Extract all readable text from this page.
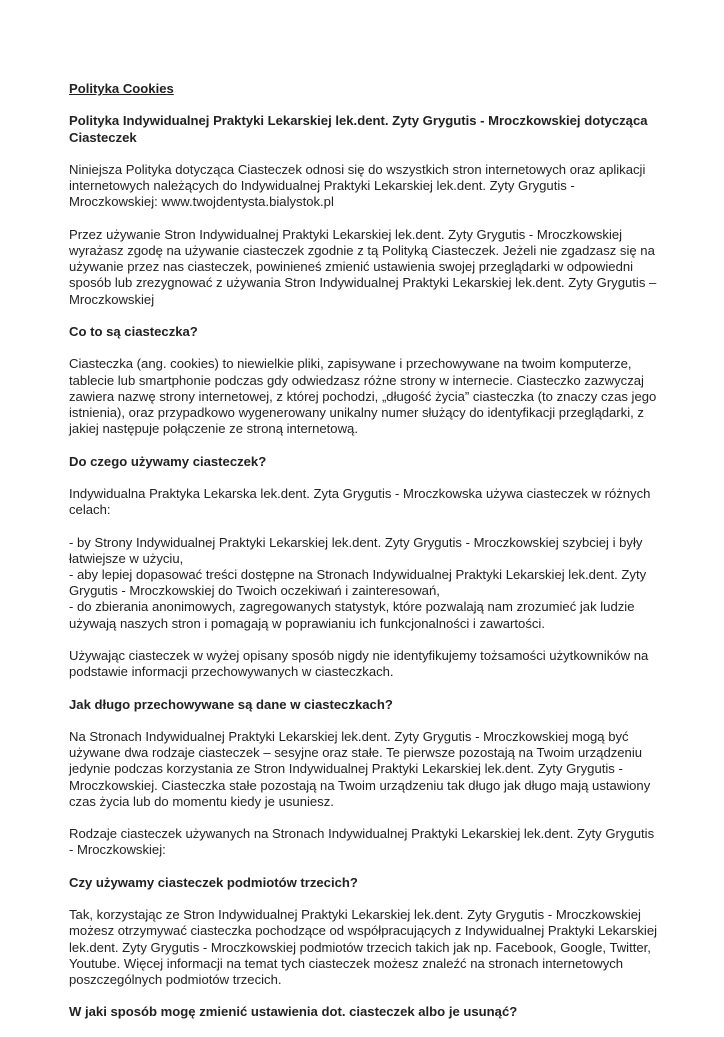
Polityka Cookies

Polityka Indywidualnej Praktyki Lekarskiej lek.dent. Zyty Grygutis - Mroczkowskiej dotycząca Ciasteczek

Niniejsza Polityka dotycząca Ciasteczek odnosi się do wszystkich stron internetowych oraz aplikacji internetowych należących do Indywidualnej Praktyki Lekarskiej lek.dent. Zyty Grygutis - Mroczkowskiej: www.twojdentysta.bialystok.pl

Przez używanie Stron Indywidualnej Praktyki Lekarskiej lek.dent. Zyty Grygutis - Mroczkowskiej wyrażasz zgodę na używanie ciasteczek zgodnie z tą Polityką Ciasteczek. Jeżeli nie zgadzasz się na używanie przez nas ciasteczek, powinieneś zmienić ustawienia swojej przeglądarki w odpowiedni sposób lub zrezygnować z używania Stron Indywidualnej Praktyki Lekarskiej lek.dent. Zyty Grygutis – Mroczkowskiej

Co to są ciasteczka?

Ciasteczka (ang. cookies) to niewielkie pliki, zapisywane i przechowywane na twoim komputerze, tablecie lub smartphonie podczas gdy odwiedzasz różne strony w internecie. Ciasteczko zazwyczaj zawiera nazwę strony internetowej, z której pochodzi, „długość życia” ciasteczka (to znaczy czas jego istnienia), oraz przypadkowo wygenerowany unikalny numer służący do identyfikacji przeglądarki, z jakiej następuje połączenie ze stroną internetową.

Do czego używamy ciasteczek?

Indywidualna Praktyka Lekarska lek.dent. Zyta Grygutis - Mroczkowska używa ciasteczek w różnych celach:

- by Strony Indywidualnej Praktyki Lekarskiej lek.dent. Zyty Grygutis - Mroczkowskiej szybciej i były łatwiejsze w użyciu,
- aby lepiej dopasować treści dostępne na Stronach Indywidualnej Praktyki Lekarskiej lek.dent. Zyty Grygutis - Mroczkowskiej do Twoich oczekiwań i zainteresowań,
- do zbierania anonimowych, zagregowanych statystyk, które pozwalają nam zrozumieć jak ludzie używają naszych stron i pomagają w poprawianiu ich funkcjonalności i zawartości.

Używając ciasteczek w wyżej opisany sposób nigdy nie identyfikujemy tożsamości użytkowników na podstawie informacji przechowywanych w ciasteczkach.

Jak długo przechowywane są dane w ciasteczkach?

Na Stronach Indywidualnej Praktyki Lekarskiej lek.dent. Zyty Grygutis - Mroczkowskiej mogą być używane dwa rodzaje ciasteczek – sesyjne oraz stałe. Te pierwsze pozostają na Twoim urządzeniu jedynie podczas korzystania ze Stron Indywidualnej Praktyki Lekarskiej lek.dent. Zyty Grygutis - Mroczkowskiej. Ciasteczka stałe pozostają na Twoim urządzeniu tak długo jak długo mają ustawiony czas życia lub do momentu kiedy je usuniesz.

Rodzaje ciasteczek używanych na Stronach Indywidualnej Praktyki Lekarskiej lek.dent. Zyty Grygutis - Mroczkowskiej:

Czy używamy ciasteczek podmiotów trzecich?

Tak, korzystając ze Stron Indywidualnej Praktyki Lekarskiej lek.dent. Zyty Grygutis - Mroczkowskiej możesz otrzymywać ciasteczka pochodzące od współpracujących z Indywidualnej Praktyki Lekarskiej lek.dent. Zyty Grygutis - Mroczkowskiej podmiotów trzecich takich jak np. Facebook, Google, Twitter, Youtube. Więcej informacji na temat tych ciasteczek możesz znaleźć na stronach internetowych poszczególnych podmiotów trzecich.

W jaki sposób mogę zmienić ustawienia dot. ciasteczek albo je usunąć?
